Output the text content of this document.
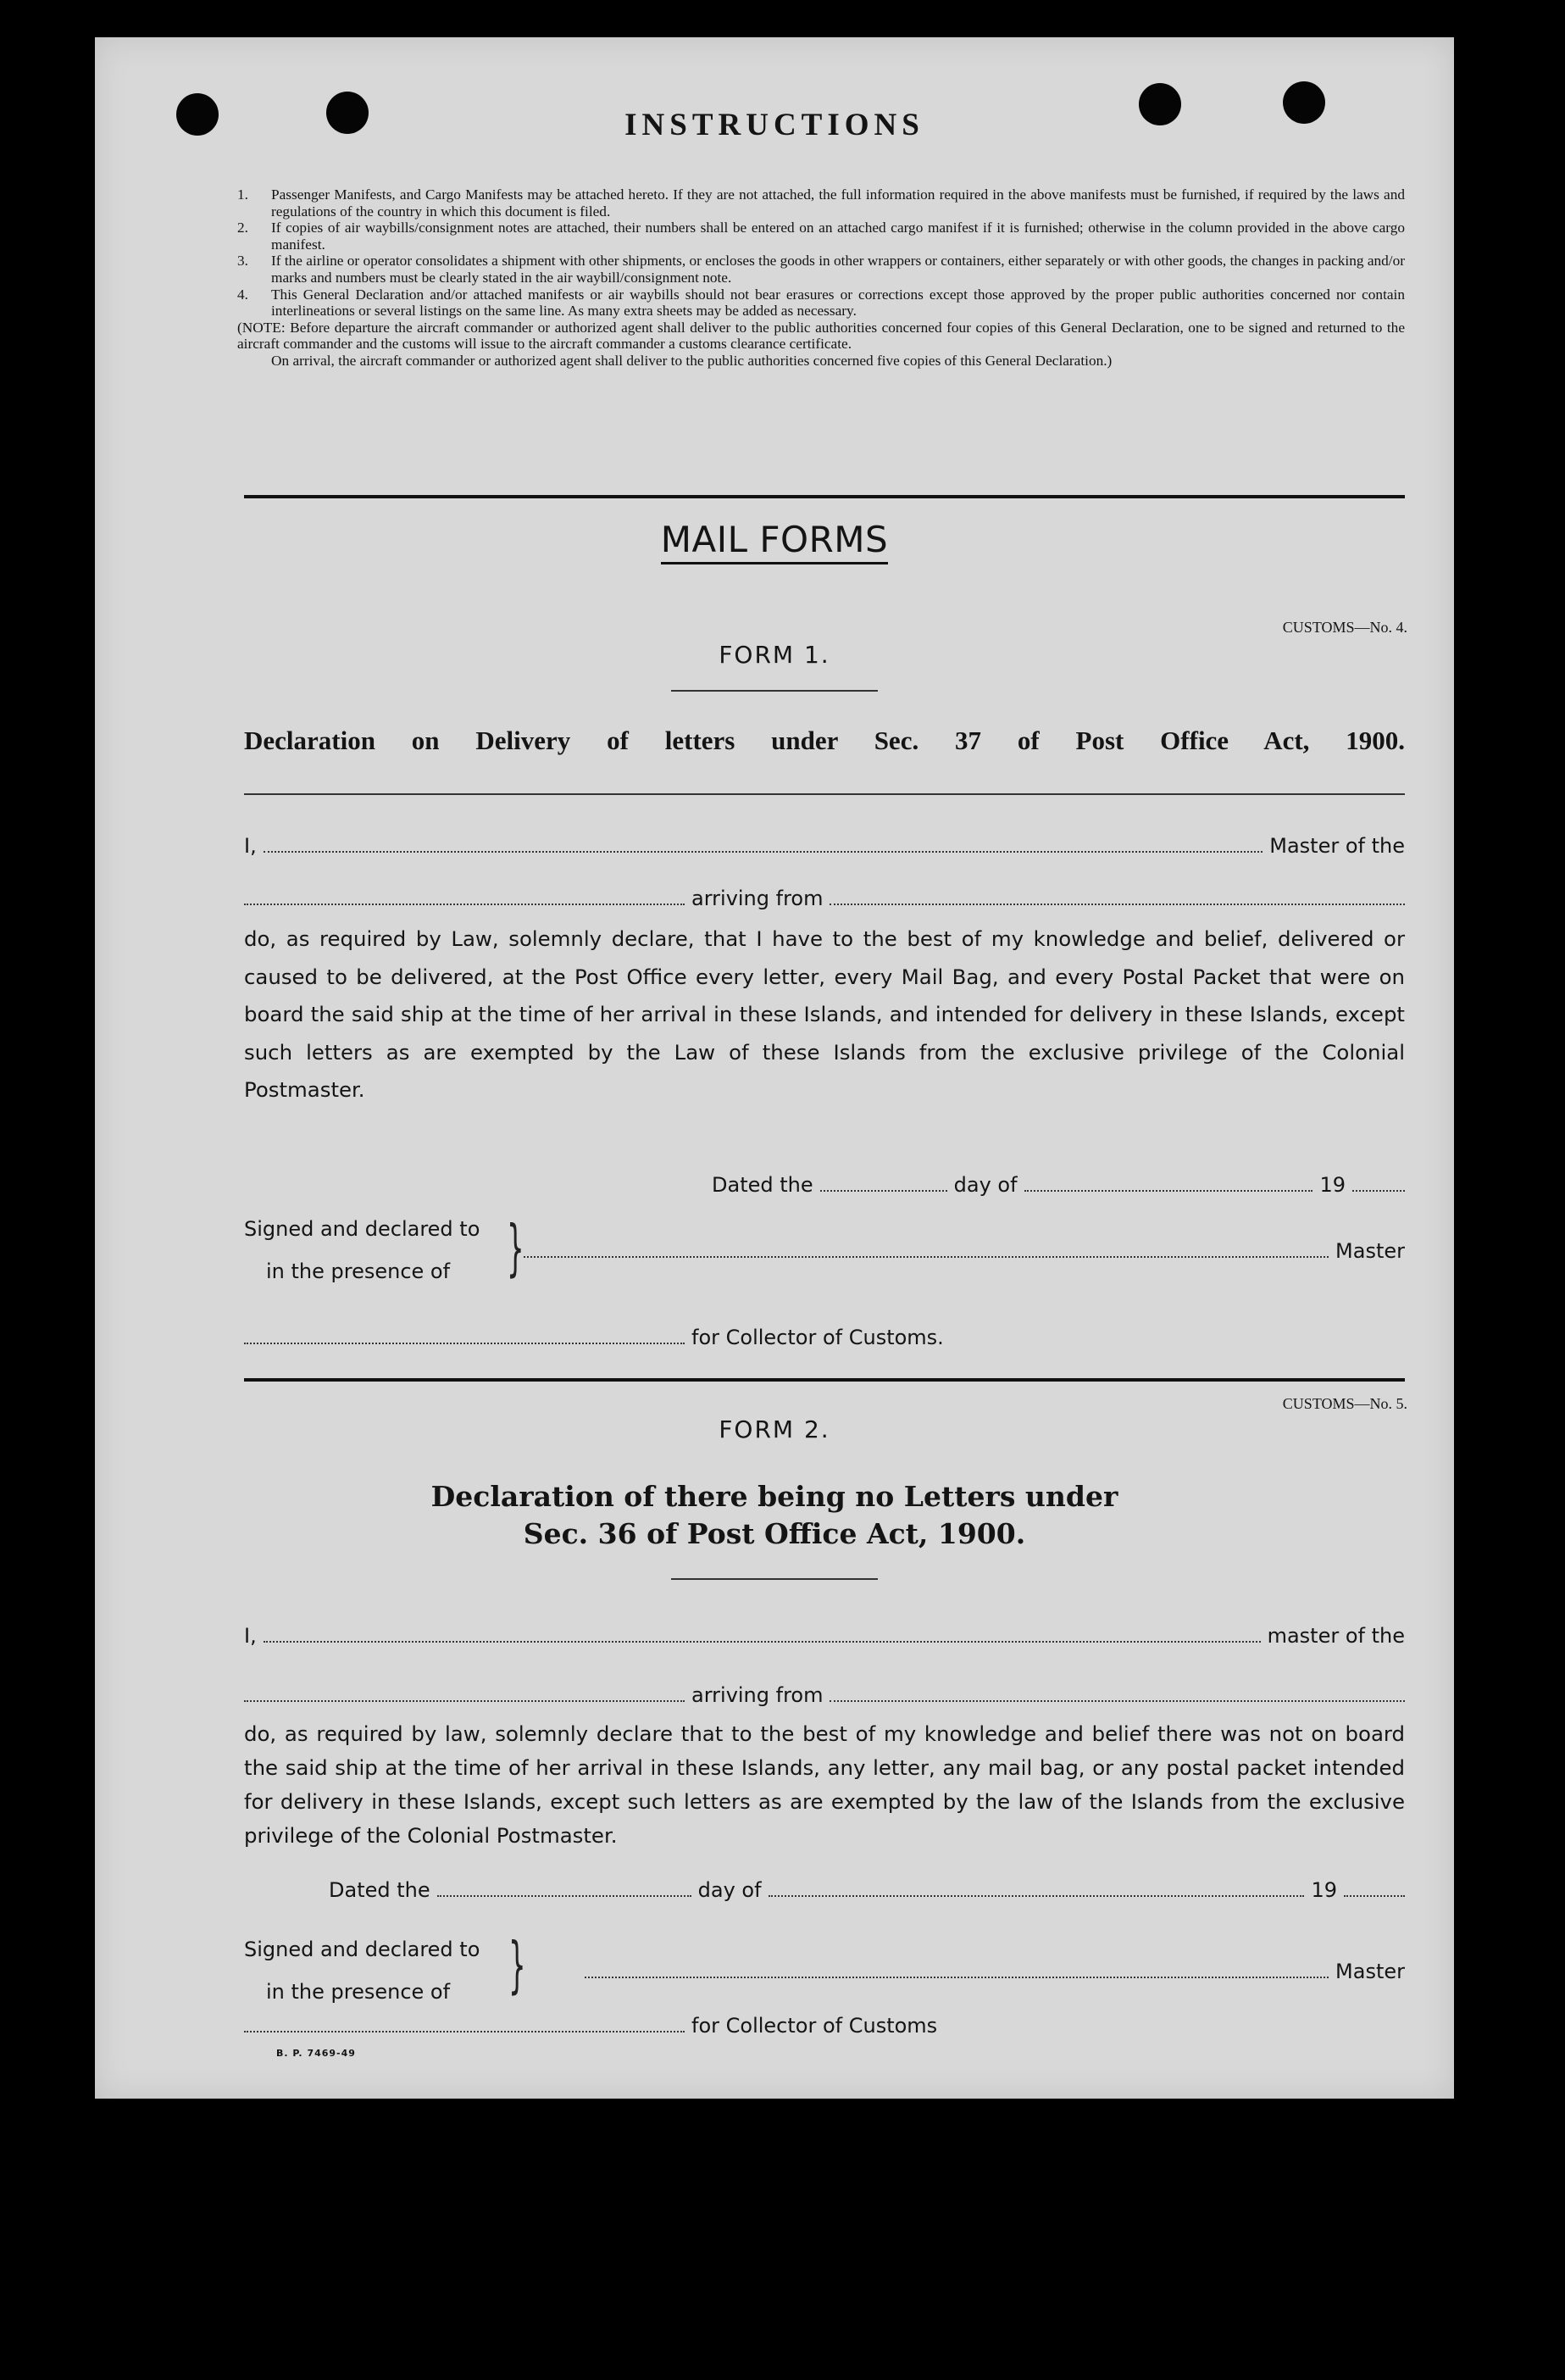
INSTRUCTIONS
1. Passenger Manifests, and Cargo Manifests may be attached hereto. If they are not attached, the full information required in the above manifests must be furnished, if required by the laws and regulations of the country in which this document is filed.
2. If copies of air waybills/consignment notes are attached, their numbers shall be entered on an attached cargo manifest if it is furnished; otherwise in the column provided in the above cargo manifest.
3. If the airline or operator consolidates a shipment with other shipments, or encloses the goods in other wrappers or containers, either separately or with other goods, the changes in packing and/or marks and numbers must be clearly stated in the air waybill/consignment note.
4. This General Declaration and/or attached manifests or air waybills should not bear erasures or corrections except those approved by the proper public authorities concerned nor contain interlineations or several listings on the same line. As many extra sheets may be added as necessary.

(NOTE: Before departure the aircraft commander or authorized agent shall deliver to the public authorities concerned four copies of this General Declaration, one to be signed and returned to the aircraft commander and the customs will issue to the aircraft commander a customs clearance certificate.

On arrival, the aircraft commander or authorized agent shall deliver to the public authorities concerned five copies of this General Declaration.)

MAIL FORMS
CUSTOMS—No. 4.
FORM 1.
Declaration on Delivery of letters under Sec. 37 of Post Office Act, 1900.
I,	Master of the
arriving from
do, as required by Law, solemnly declare, that I have to the best of my knowledge and belief, delivered or caused to be delivered, at the Post Office every letter, every Mail Bag, and every Postal Packet that were on board the said ship at the time of her arrival in these Islands, and intended for delivery in these Islands, except such letters as are exempted by the Law of these Islands from the exclusive privilege of the Colonial Postmaster.
Dated the	day of	19
Signed and declared to
in the presence of }	Master
for Collector of Customs.
CUSTOMS—No. 5.
FORM 2.
Declaration of there being no Letters under
Sec. 36 of Post Office Act, 1900.
I,	master of the
arriving from
do, as required by law, solemnly declare that to the best of my knowledge and belief there was not on board the said ship at the time of her arrival in these Islands, any letter, any mail bag, or any postal packet intended for delivery in these Islands, except such letters as are exempted by the law of the Islands from the exclusive privilege of the Colonial Postmaster.
Dated the	day of	19
Signed and declared to
in the presence of }	Master
for Collector of Customs
B. P. 7469-49
